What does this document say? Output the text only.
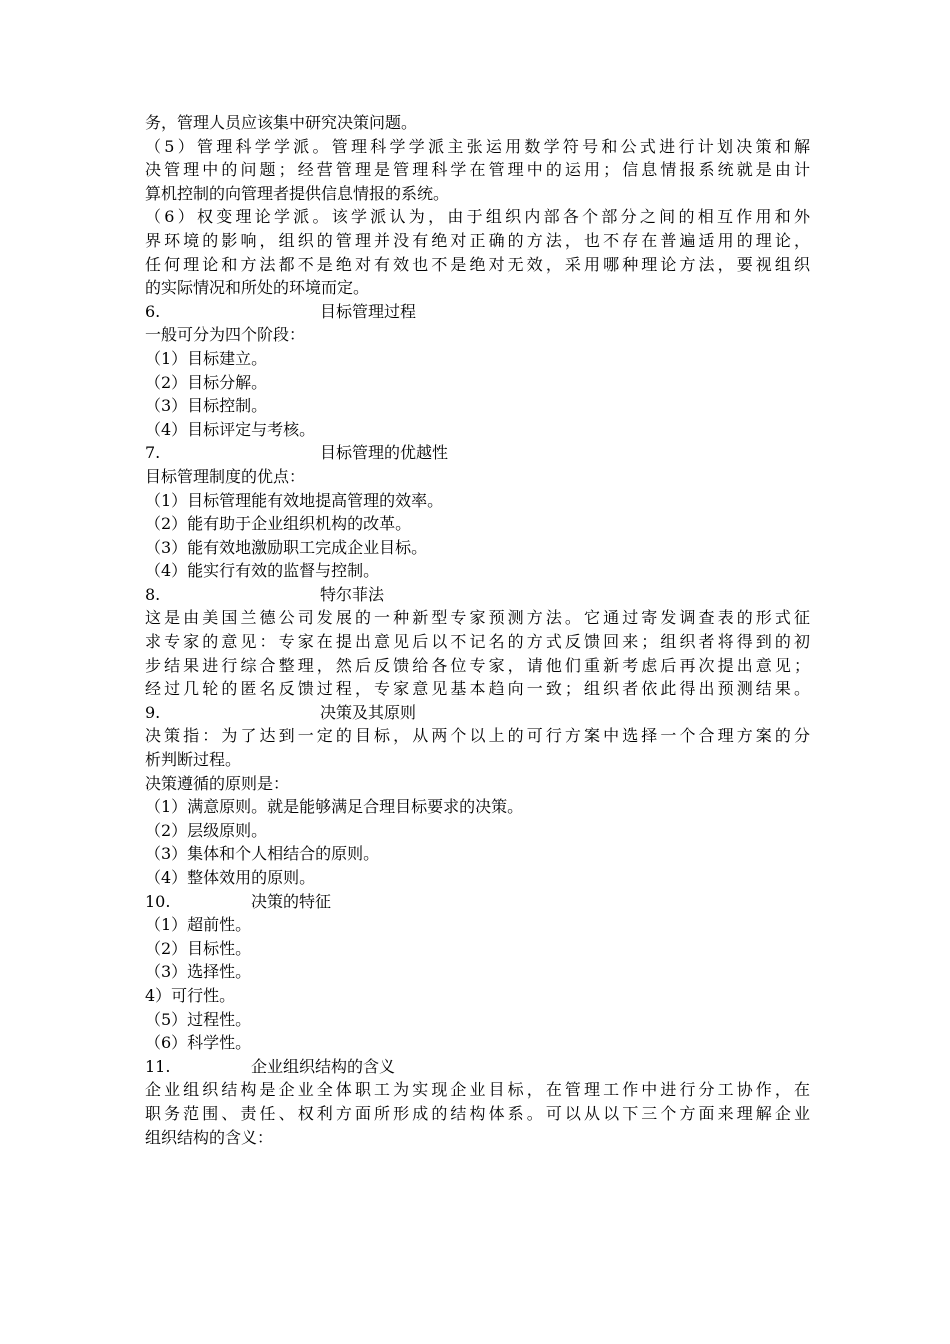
务，管理人员应该集中研究决策问题。
（5）管理科学学派。管理科学学派主张运用数学符号和公式进行计划决策和解
决管理中的问题；经营管理是管理科学在管理中的运用；信息情报系统就是由计
算机控制的向管理者提供信息情报的系统。
（6）权变理论学派。该学派认为，由于组织内部各个部分之间的相互作用和外
界环境的影响，组织的管理并没有绝对正确的方法，也不存在普遍适用的理论，
任何理论和方法都不是绝对有效也不是绝对无效，采用哪种理论方法，要视组织
的实际情况和所处的环境而定。
6.	目标管理过程
一般可分为四个阶段：
（1）目标建立。
（2）目标分解。
（3）目标控制。
（4）目标评定与考核。
7.	目标管理的优越性
目标管理制度的优点：
（1）目标管理能有效地提高管理的效率。
（2）能有助于企业组织机构的改革。
（3）能有效地激励职工完成企业目标。
（4）能实行有效的监督与控制。
8.	特尔菲法
这是由美国兰德公司发展的一种新型专家预测方法。它通过寄发调查表的形式征
求专家的意见：专家在提出意见后以不记名的方式反馈回来；组织者将得到的初
步结果进行综合整理，然后反馈给各位专家，请他们重新考虑后再次提出意见；
经过几轮的匿名反馈过程，专家意见基本趋向一致；组织者依此得出预测结果。
9.	决策及其原则
决策指：为了达到一定的目标，从两个以上的可行方案中选择一个合理方案的分
析判断过程。
决策遵循的原则是：
（1）满意原则。就是能够满足合理目标要求的决策。
（2）层级原则。
（3）集体和个人相结合的原则。
（4）整体效用的原则。
10.	决策的特征
（1）超前性。
（2）目标性。
（3）选择性。
4）可行性。
（5）过程性。
（6）科学性。
11.	企业组织结构的含义
企业组织结构是企业全体职工为实现企业目标，在管理工作中进行分工协作，在
职务范围、责任、权利方面所形成的结构体系。可以从以下三个方面来理解企业
组织结构的含义：
